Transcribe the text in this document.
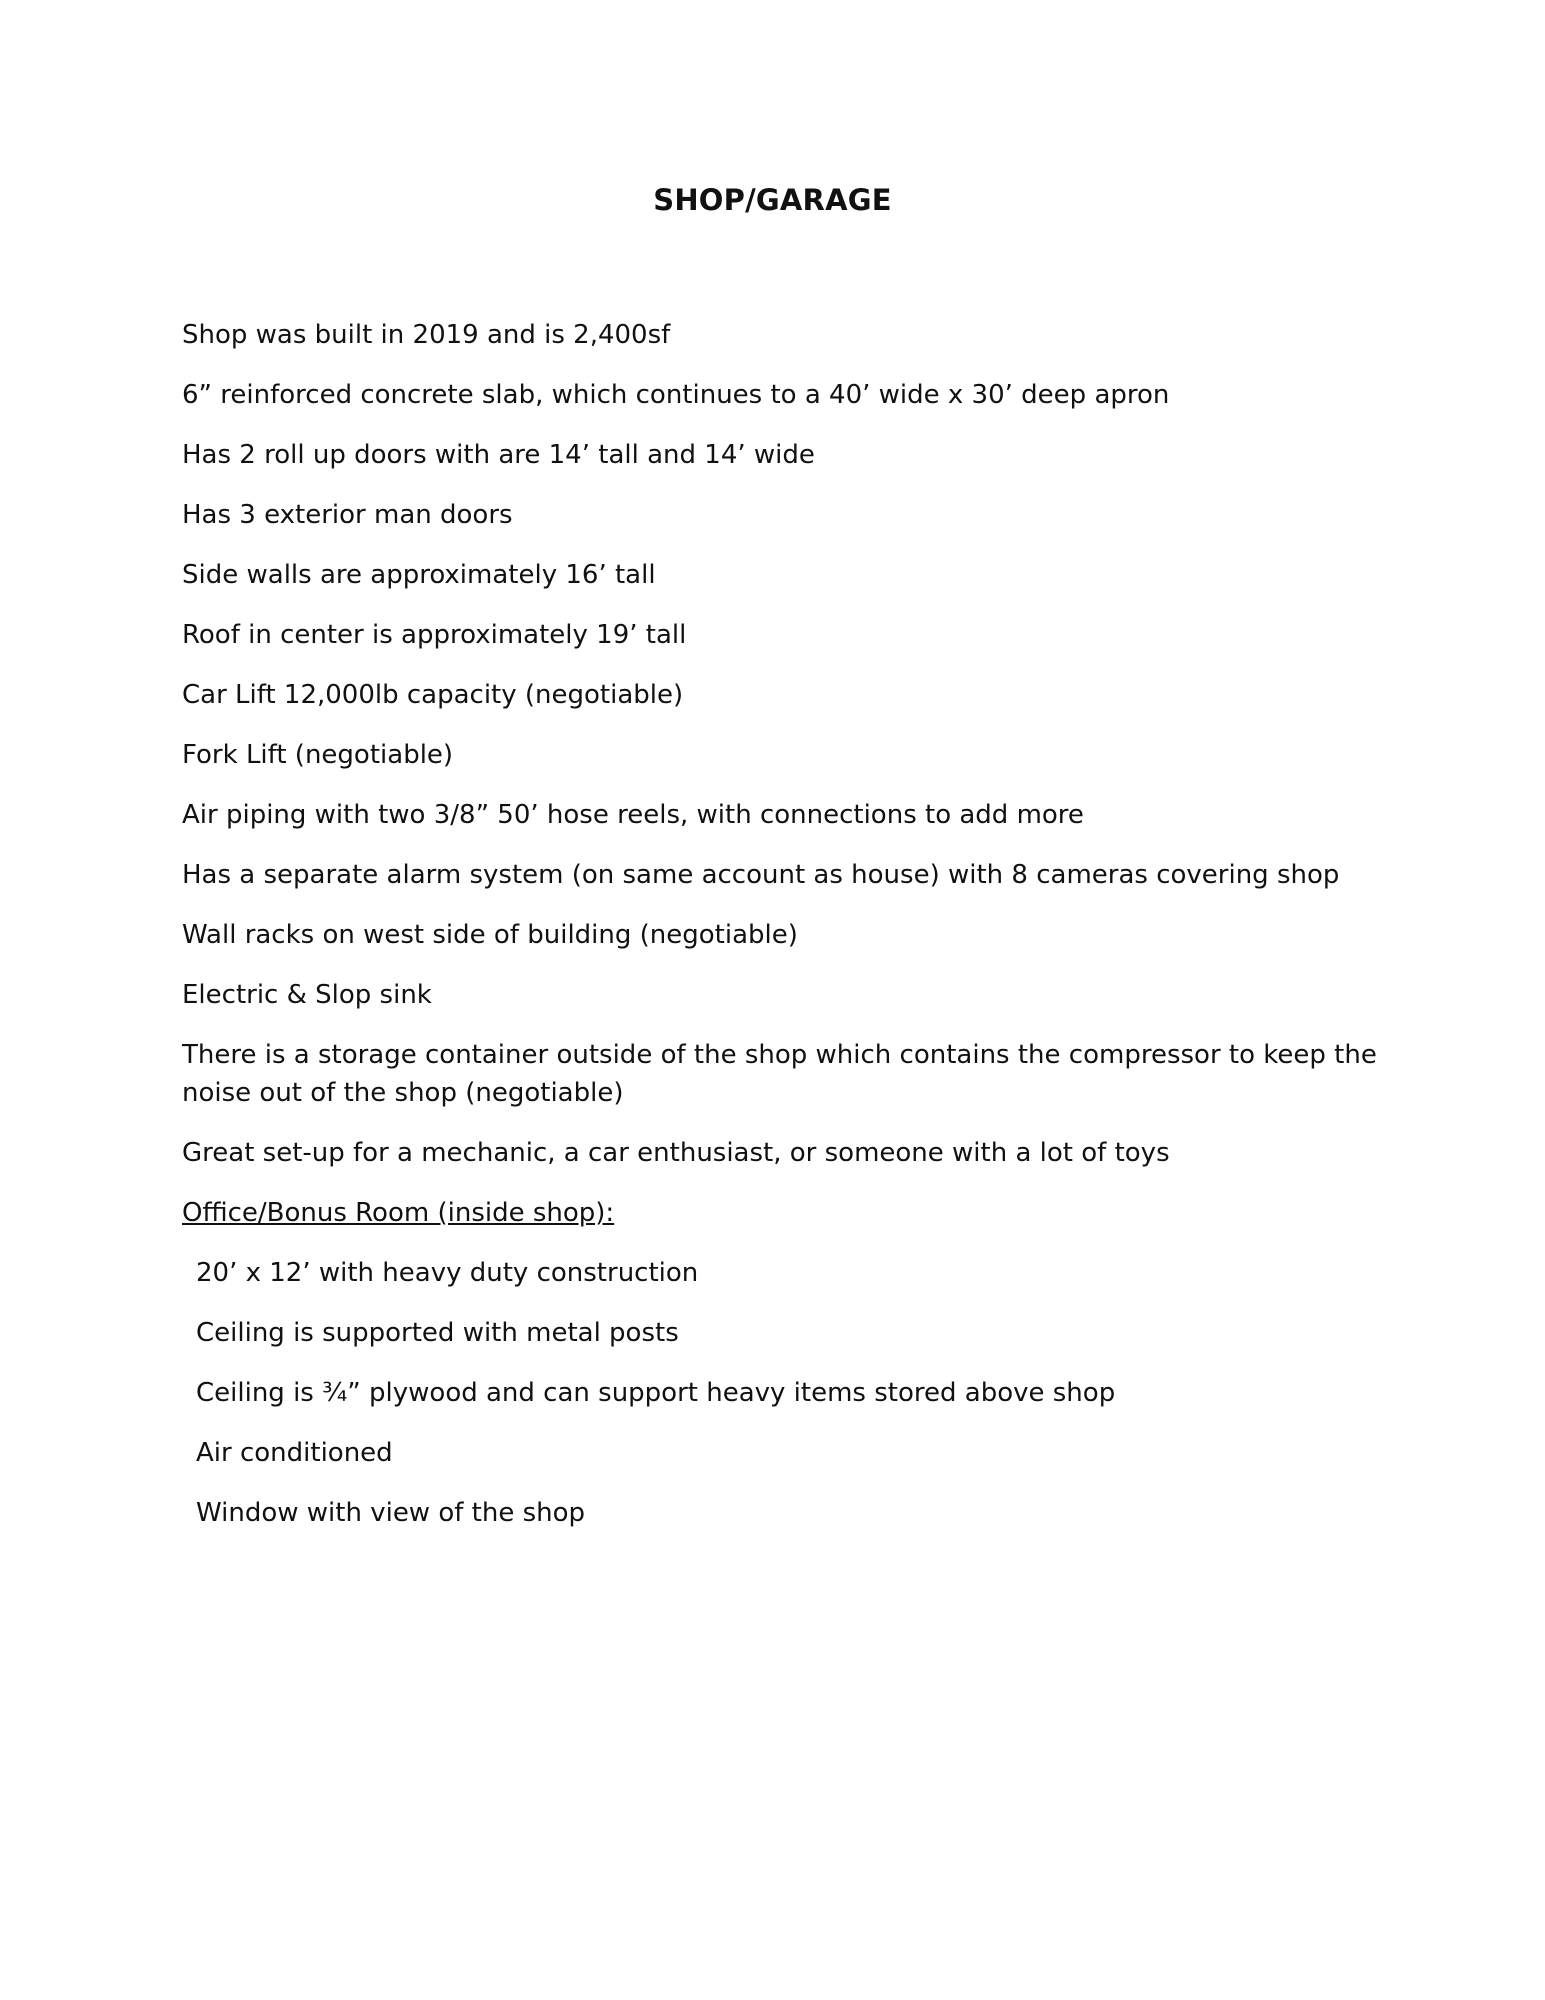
SHOP/GARAGE

Shop was built in 2019 and is 2,400sf

6” reinforced concrete slab, which continues to a 40’ wide x 30’ deep apron

Has 2 roll up doors with are 14’ tall and 14’ wide

Has 3 exterior man doors

Side walls are approximately 16’ tall

Roof in center is approximately 19’ tall

Car Lift 12,000lb capacity (negotiable)

Fork Lift (negotiable)

Air piping with two 3/8” 50’ hose reels, with connections to add more

Has a separate alarm system (on same account as house) with 8 cameras covering shop

Wall racks on west side of building (negotiable)

Electric & Slop sink

There is a storage container outside of the shop which contains the compressor to keep the noise out of the shop (negotiable)

Great set-up for a mechanic, a car enthusiast, or someone with a lot of toys

Office/Bonus Room (inside shop):

20’ x 12’ with heavy duty construction

Ceiling is supported with metal posts

Ceiling is ¾” plywood and can support heavy items stored above shop

Air conditioned

Window with view of the shop
